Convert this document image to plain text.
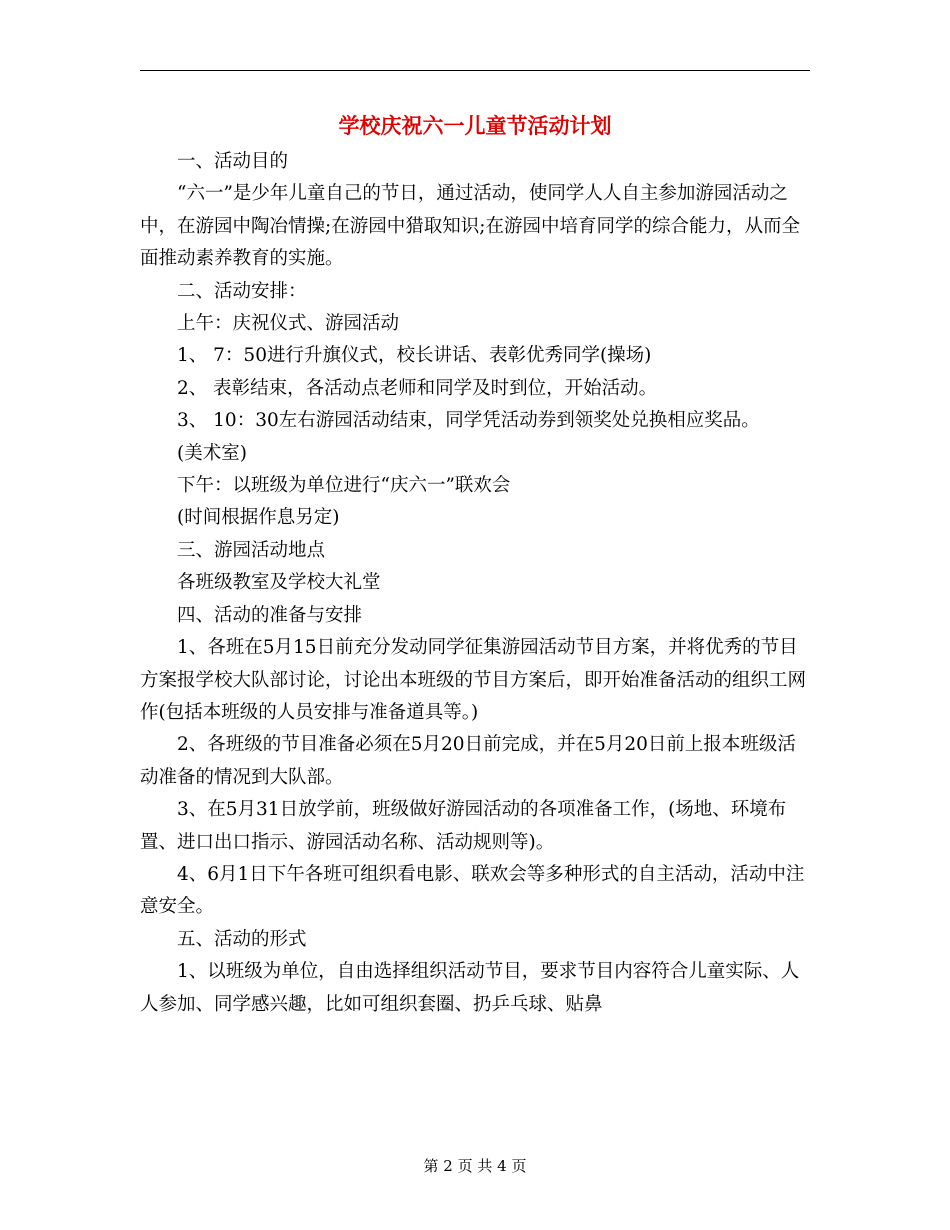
学校庆祝六一儿童节活动计划

一、活动目的

“六一”是少年儿童自己的节日，通过活动，使同学人人自主参加游园活动之中，在游园中陶冶情操;在游园中猎取知识;在游园中培育同学的综合能力，从而全面推动素养教育的实施。

二、活动安排：

上午：庆祝仪式、游园活动

1、 7：50进行升旗仪式，校长讲话、表彰优秀同学(操场)

2、 表彰结束，各活动点老师和同学及时到位，开始活动。

3、 10：30左右游园活动结束，同学凭活动券到领奖处兑换相应奖品。

(美术室)

下午：以班级为单位进行“庆六一”联欢会

(时间根据作息另定)

三、游园活动地点

各班级教室及学校大礼堂

四、活动的准备与安排

1、各班在5月15日前充分发动同学征集游园活动节目方案，并将优秀的节目方案报学校大队部讨论，讨论出本班级的节目方案后，即开始准备活动的组织工网作(包括本班级的人员安排与准备道具等。)

2、各班级的节目准备必须在5月20日前完成，并在5月20日前上报本班级活动准备的情况到大队部。

3、在5月31日放学前，班级做好游园活动的各项准备工作，(场地、环境布置、进口出口指示、游园活动名称、活动规则等)。

4、6月1日下午各班可组织看电影、联欢会等多种形式的自主活动，活动中注意安全。

五、活动的形式

1、以班级为单位，自由选择组织活动节目，要求节目内容符合儿童实际、人人参加、同学感兴趣，比如可组织套圈、扔乒乓球、贴鼻

第 2 页 共 4 页
